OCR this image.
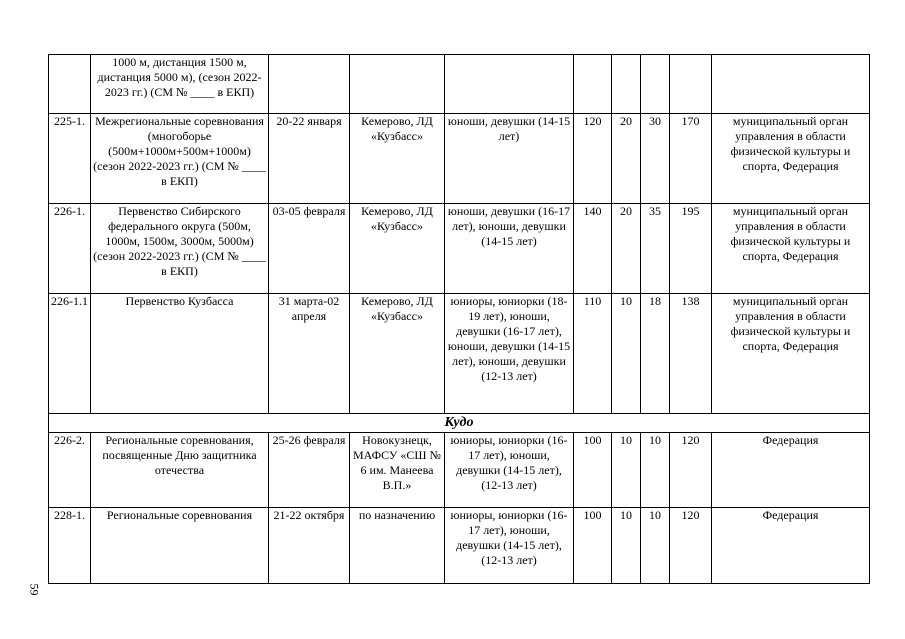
	1000 м, дистанция 1500 м, дистанция 5000 м), (сезон 2022-2023 гг.) (СМ № ____ в ЕКП)								
225-1.	Межрегиональные соревнования (многоборье (500м+1000м+500м+1000м) (сезон 2022-2023 гг.) (СМ № ____ в ЕКП)	20-22 января	Кемерово, ЛД «Кузбасс»	юноши, девушки (14-15 лет)	120	20	30	170	муниципальный орган управления в области физической культуры и спорта, Федерация
226-1.	Первенство Сибирского федерального округа (500м, 1000м, 1500м, 3000м, 5000м) (сезон 2022-2023 гг.) (СМ № ____ в ЕКП)	03-05 февраля	Кемерово, ЛД «Кузбасс»	юноши, девушки (16-17 лет), юноши, девушки (14-15 лет)	140	20	35	195	муниципальный орган управления в области физической культуры и спорта, Федерация
226-1.1	Первенство Кузбасса	31 марта-02 апреля	Кемерово, ЛД «Кузбасс»	юниоры, юниорки (18-19 лет), юноши, девушки (16-17 лет), юноши, девушки (14-15 лет), юноши, девушки (12-13 лет)	110	10	18	138	муниципальный орган управления в области физической культуры и спорта, Федерация
Кудо									
226-2.	Региональные соревнования, посвященные Дню защитника отечества	25-26 февраля	Новокузнецк, МАФСУ «СШ № 6 им. Манеева В.П.»	юниоры, юниорки (16-17 лет), юноши, девушки (14-15 лет), (12-13 лет)	100	10	10	120	Федерация
228-1.	Региональные соревнования	21-22 октября	по назначению	юниоры, юниорки (16-17 лет), юноши, девушки (14-15 лет), (12-13 лет)	100	10	10	120	Федерация
59
